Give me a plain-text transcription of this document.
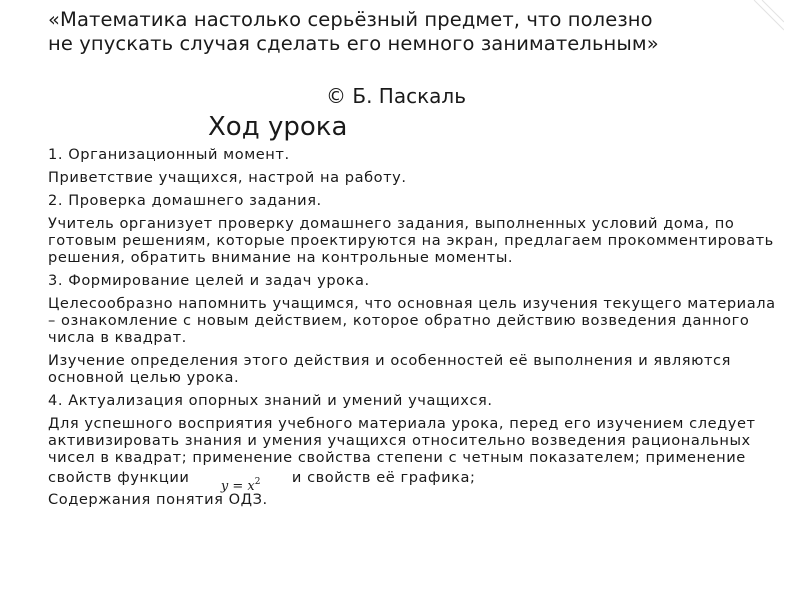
«Математика настолько серьёзный предмет, что полезно
не упускать случая сделать его немного занимательным»
© Б. Паскаль
Ход урока
1. Организационный момент.
Приветствие учащихся, настрой на работу.
2. Проверка домашнего задания.
Учитель организует проверку домашнего задания, выполненных условий дома, по готовым решениям, которые проектируются на экран, предлагаем прокомментировать решения, обратить внимание на контрольные моменты.
3. Формирование целей и задач урока.
Целесообразно напомнить учащимся, что основная цель изучения текущего материала – ознакомление с новым действием, которое обратно действию возведения данного числа в квадрат.
Изучение определения этого действия и особенностей её выполнения и являются основной целью урока.
4. Актуализация опорных знаний и умений учащихся.
Для успешного восприятия учебного материала урока, перед его изучением следует активизировать знания и умения учащихся относительно возведения рациональных чисел в квадрат; применение свойства степени с четным показателем; применение свойств функции $y = x^2$ и свойств её графика;
Содержания понятия ОДЗ.
